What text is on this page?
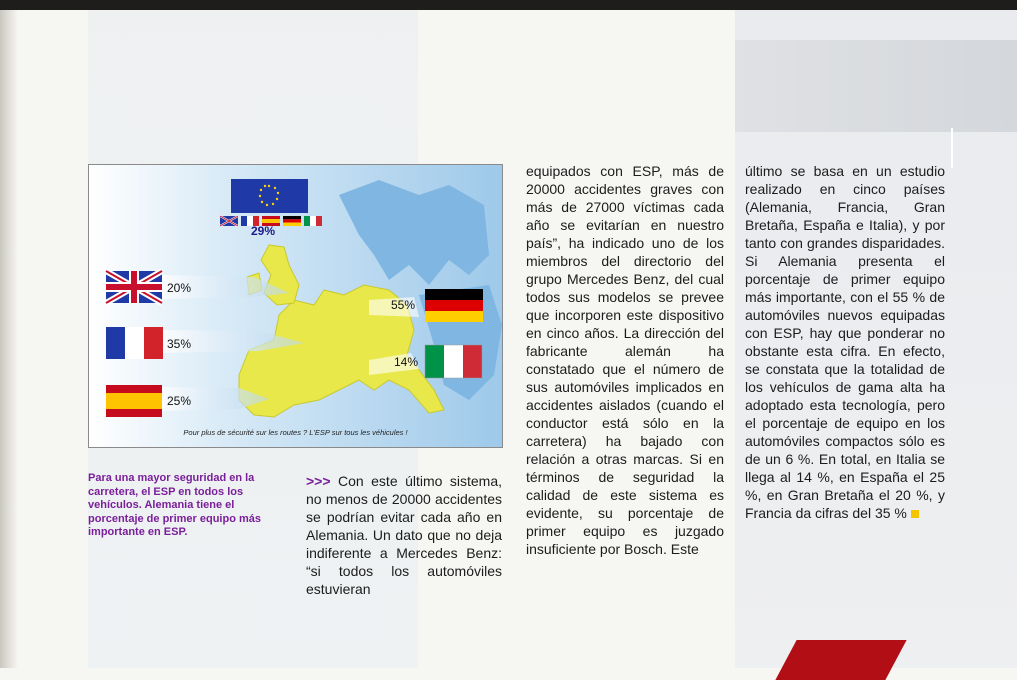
29%
20%
35%
25%
55%
14%
Pour plus de sécurité sur les routes ? L'ESP sur tous les véhicules !
Para una mayor seguridad en la carretera, el ESP en todos los vehículos. Alemania tiene el porcentaje de primer equipo más importante en ESP.
>>> Con este último sistema, no menos de 20000 accidentes se podrían evitar cada año en Alemania. Un dato que no deja indiferente a Mercedes Benz: “si todos los automóviles estuvieran
equipados con ESP, más de 20000 accidentes graves con más de 27000 víctimas cada año se evitarían en nuestro país”, ha indicado uno de los miembros del directorio del grupo Mercedes Benz, del cual todos sus modelos se prevee que incorporen este dispositivo en cinco años. La dirección del fabricante alemán ha constatado que el número de sus automóviles implicados en accidentes aislados (cuando el conductor está sólo en la carretera) ha bajado con relación a otras marcas. Si en términos de seguridad la calidad de este sistema es evidente, su porcentaje de primer equipo es juzgado insuficiente por Bosch. Este
último se basa en un estudio realizado en cinco países (Alemania, Francia, Gran Bretaña, España e Italia), y por tanto con grandes disparidades. Si Alemania presenta el porcentaje de primer equipo más importante, con el 55 % de automóviles nuevos equipadas con ESP, hay que ponderar no obstante esta cifra. En efecto, se constata que la totalidad de los vehículos de gama alta ha adoptado esta tecnología, pero el porcentaje de equipo en los automóviles compactos sólo es de un 6 %. En total, en Italia se llega al 14 %, en España el 25 %, en Gran Bretaña el 20 %, y Francia da cifras del 35 %
